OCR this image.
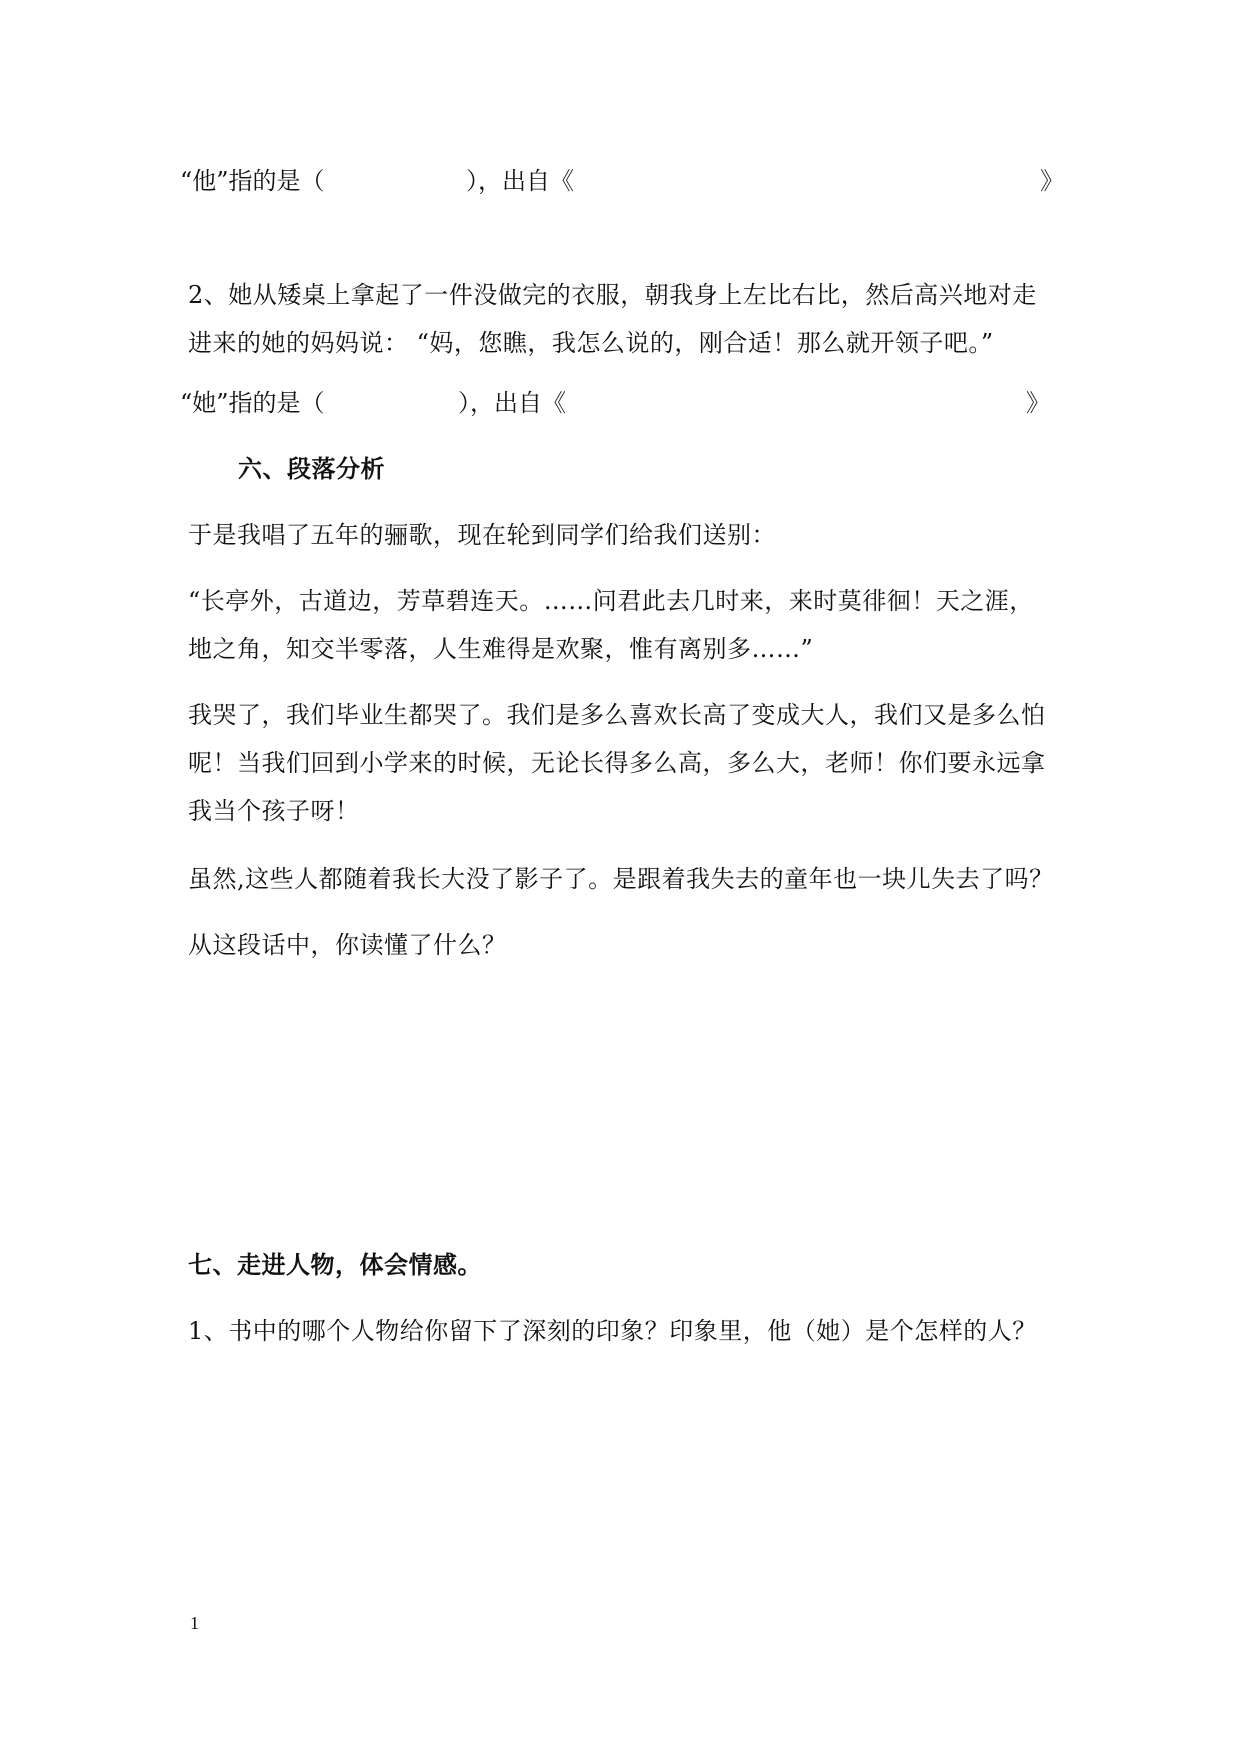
“他”指的是（	），出自《	》
2、她从矮桌上拿起了一件没做完的衣服，朝我身上左比右比，然后高兴地对走
进来的她的妈妈说： “妈，您瞧，我怎么说的，刚合适！那么就开领子吧。”
“她”指的是（	），出自《	》
六、段落分析
于是我唱了五年的骊歌，现在轮到同学们给我们送别：
“长亭外，古道边，芳草碧连天。……问君此去几时来，来时莫徘徊！天之涯，
地之角，知交半零落，人生难得是欢聚，惟有离别多……”
我哭了，我们毕业生都哭了。我们是多么喜欢长高了变成大人，我们又是多么怕
呢！当我们回到小学来的时候，无论长得多么高，多么大，老师！你们要永远拿
我当个孩子呀！
虽然,这些人都随着我长大没了影子了。是跟着我失去的童年也一块儿失去了吗？
从这段话中，你读懂了什么？
七、走进人物，体会情感。
1、书中的哪个人物给你留下了深刻的印象？印象里，他（她）是个怎样的人？
1
